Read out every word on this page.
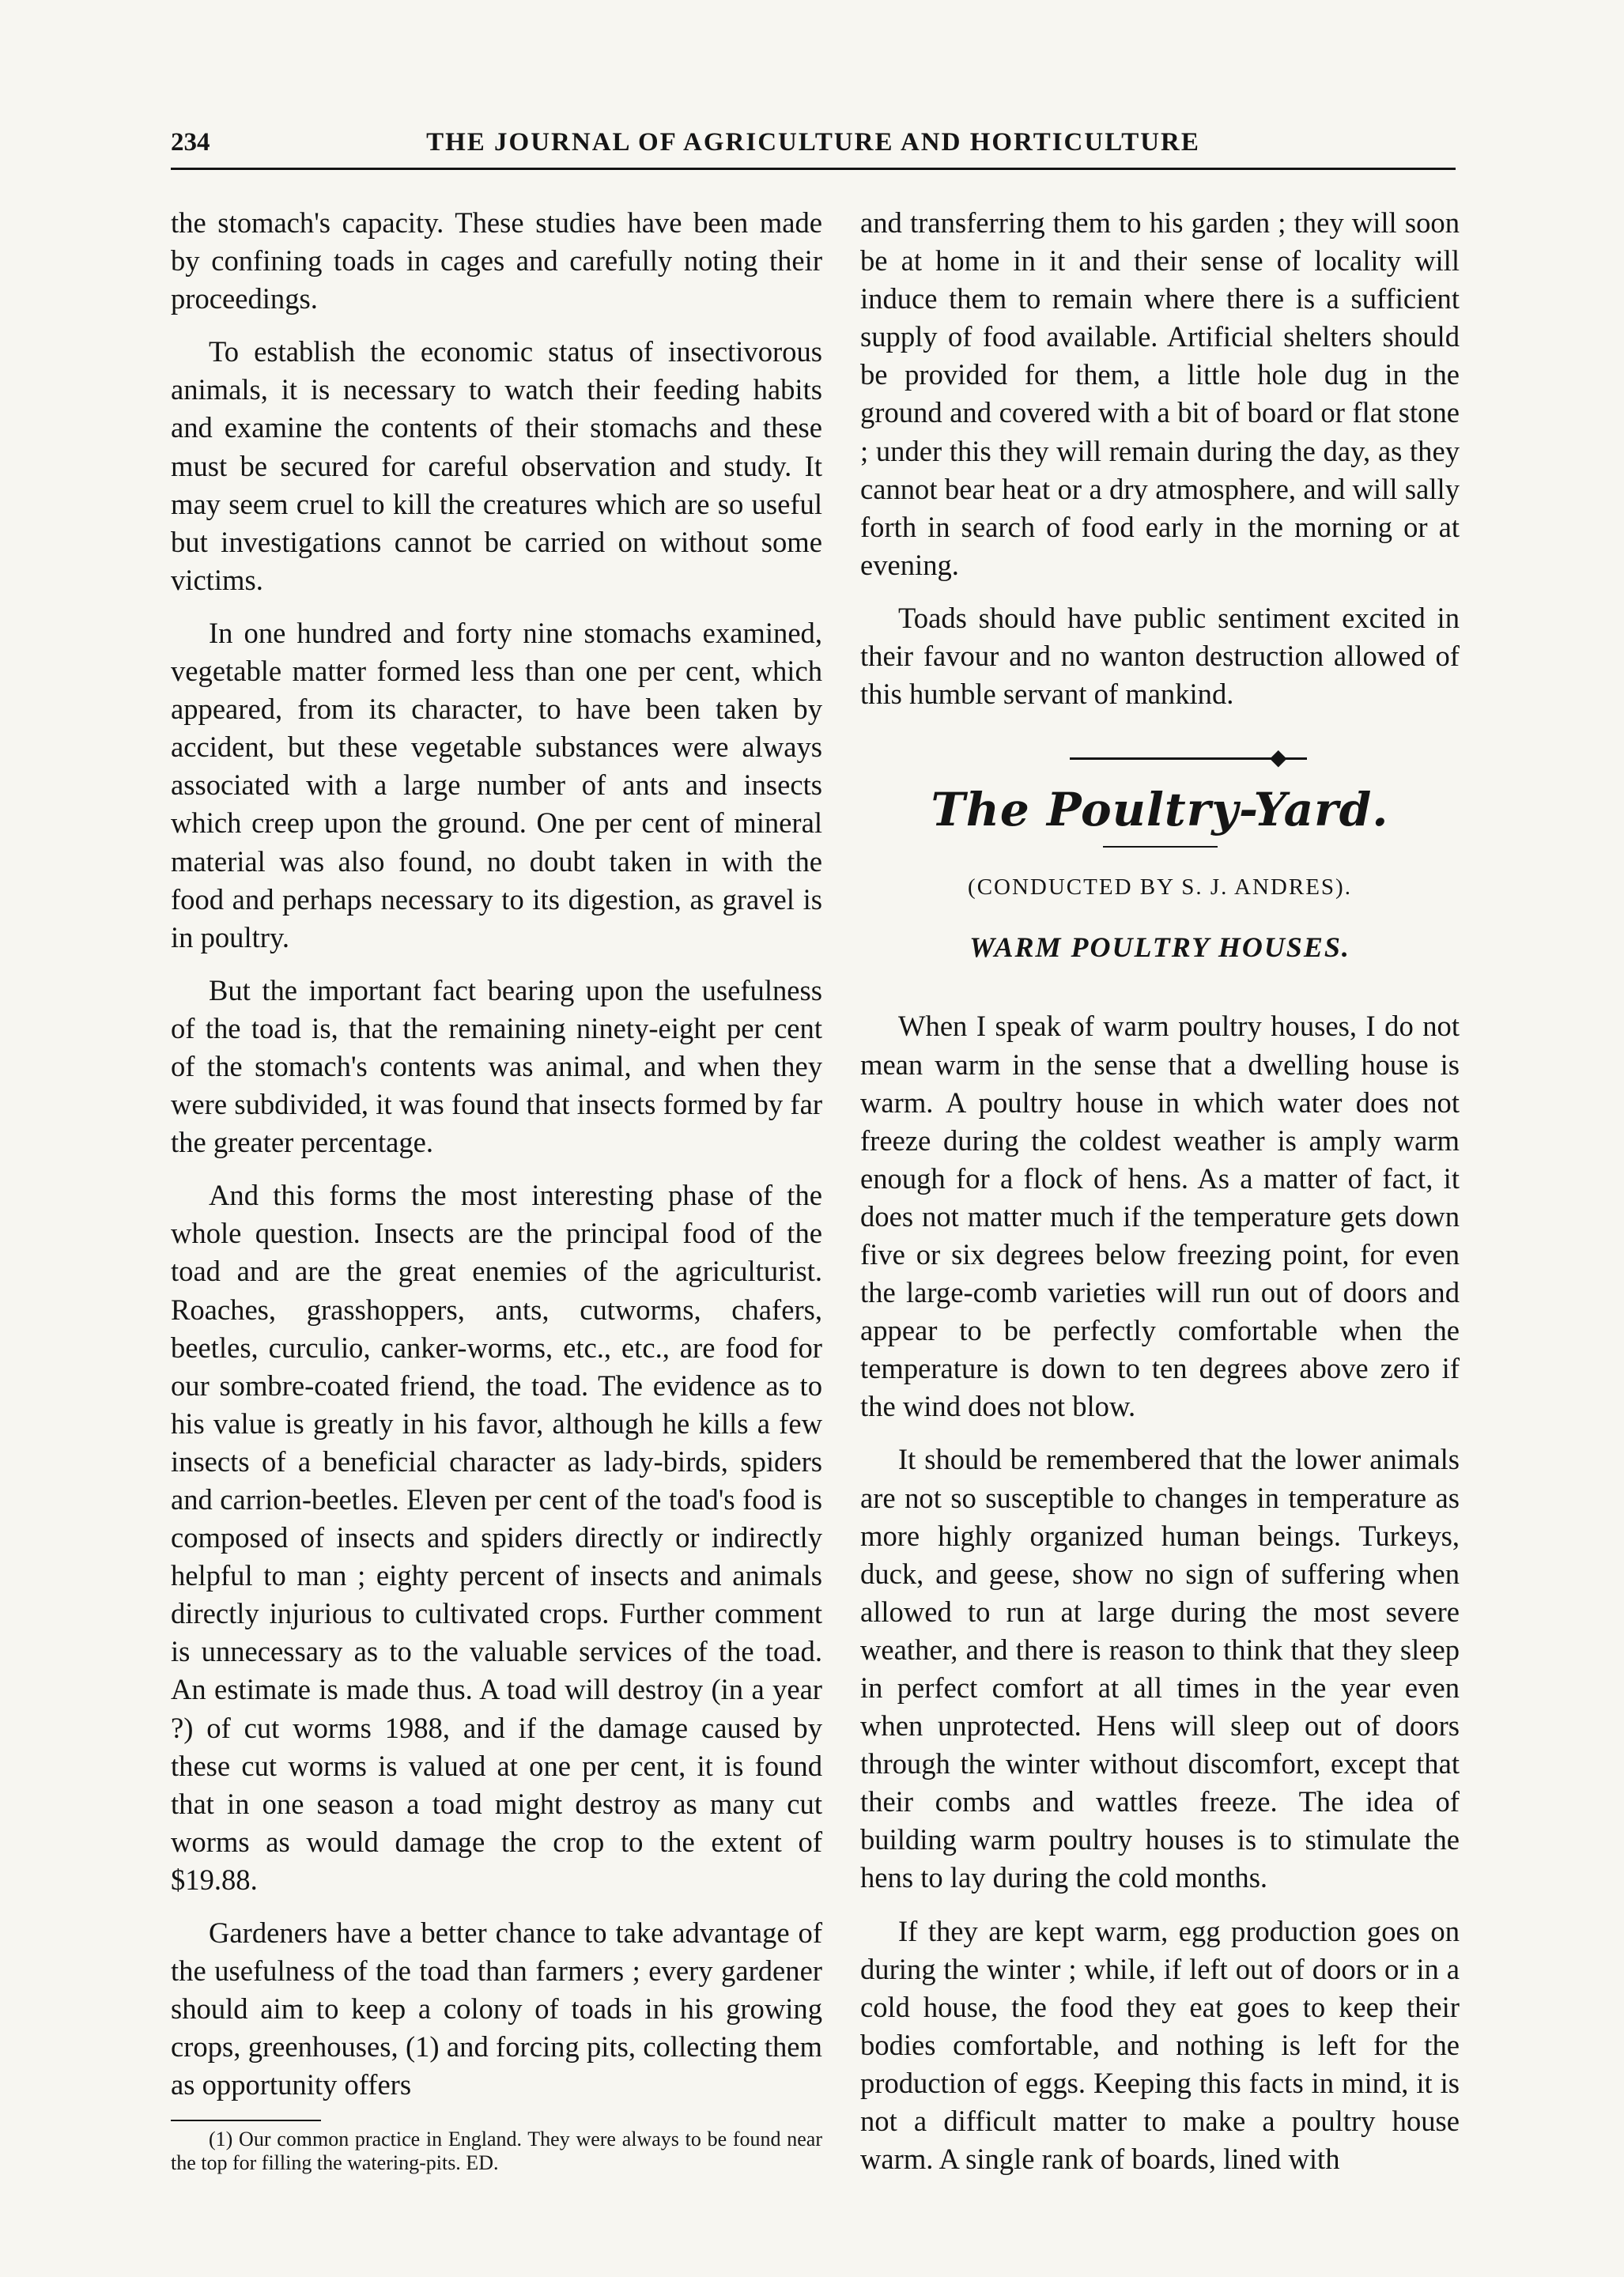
234	THE JOURNAL OF AGRICULTURE AND HORTICULTURE

the stomach's capacity. These studies have been made by confining toads in cages and carefully noting their proceedings.

To establish the economic status of insectivorous animals, it is necessary to watch their feeding habits and examine the contents of their stomachs and these must be secured for careful observation and study. It may seem cruel to kill the creatures which are so useful but investigations cannot be carried on without some victims.

In one hundred and forty nine stomachs examined, vegetable matter formed less than one per cent, which appeared, from its character, to have been taken by accident, but these vegetable substances were always associated with a large number of ants and insects which creep upon the ground. One per cent of mineral material was also found, no doubt taken in with the food and perhaps necessary to its digestion, as gravel is in poultry.

But the important fact bearing upon the usefulness of the toad is, that the remaining ninety-eight per cent of the stomach's contents was animal, and when they were subdivided, it was found that insects formed by far the greater percentage.

And this forms the most interesting phase of the whole question. Insects are the principal food of the toad and are the great enemies of the agriculturist. Roaches, grasshoppers, ants, cutworms, chafers, beetles, curculio, canker-worms, etc., etc., are food for our sombre-coated friend, the toad. The evidence as to his value is greatly in his favor, although he kills a few insects of a beneficial character as lady-birds, spiders and carrion-beetles. Eleven per cent of the toad's food is composed of insects and spiders directly or indirectly helpful to man ; eighty percent of insects and animals directly injurious to cultivated crops. Further comment is unnecessary as to the valuable services of the toad. An estimate is made thus. A toad will destroy (in a year ?) of cut worms 1988, and if the damage caused by these cut worms is valued at one per cent, it is found that in one season a toad might destroy as many cut worms as would damage the crop to the extent of $19.88.

Gardeners have a better chance to take advantage of the usefulness of the toad than farmers ; every gardener should aim to keep a colony of toads in his growing crops, greenhouses, (1) and forcing pits, collecting them as opportunity offers

(1) Our common practice in England. They were always to be found near the top for filling the watering-pits. ED.

and transferring them to his garden ; they will soon be at home in it and their sense of locality will induce them to remain where there is a sufficient supply of food available. Artificial shelters should be provided for them, a little hole dug in the ground and covered with a bit of board or flat stone ; under this they will remain during the day, as they cannot bear heat or a dry atmosphere, and will sally forth in search of food early in the morning or at evening.

Toads should have public sentiment excited in their favour and no wanton destruction allowed of this humble servant of mankind.

◆
The Poultry-Yard.
(CONDUCTED BY S. J. ANDRES).
WARM POULTRY HOUSES.

When I speak of warm poultry houses, I do not mean warm in the sense that a dwelling house is warm. A poultry house in which water does not freeze during the coldest weather is amply warm enough for a flock of hens. As a matter of fact, it does not matter much if the temperature gets down five or six degrees below freezing point, for even the large-comb varieties will run out of doors and appear to be perfectly comfortable when the temperature is down to ten degrees above zero if the wind does not blow.

It should be remembered that the lower animals are not so susceptible to changes in temperature as more highly organized human beings. Turkeys, duck, and geese, show no sign of suffering when allowed to run at large during the most severe weather, and there is reason to think that they sleep in perfect comfort at all times in the year even when unprotected. Hens will sleep out of doors through the winter without discomfort, except that their combs and wattles freeze. The idea of building warm poultry houses is to stimulate the hens to lay during the cold months.

If they are kept warm, egg production goes on during the winter ; while, if left out of doors or in a cold house, the food they eat goes to keep their bodies comfortable, and nothing is left for the production of eggs. Keeping this facts in mind, it is not a difficult matter to make a poultry house warm. A single rank of boards, lined with
